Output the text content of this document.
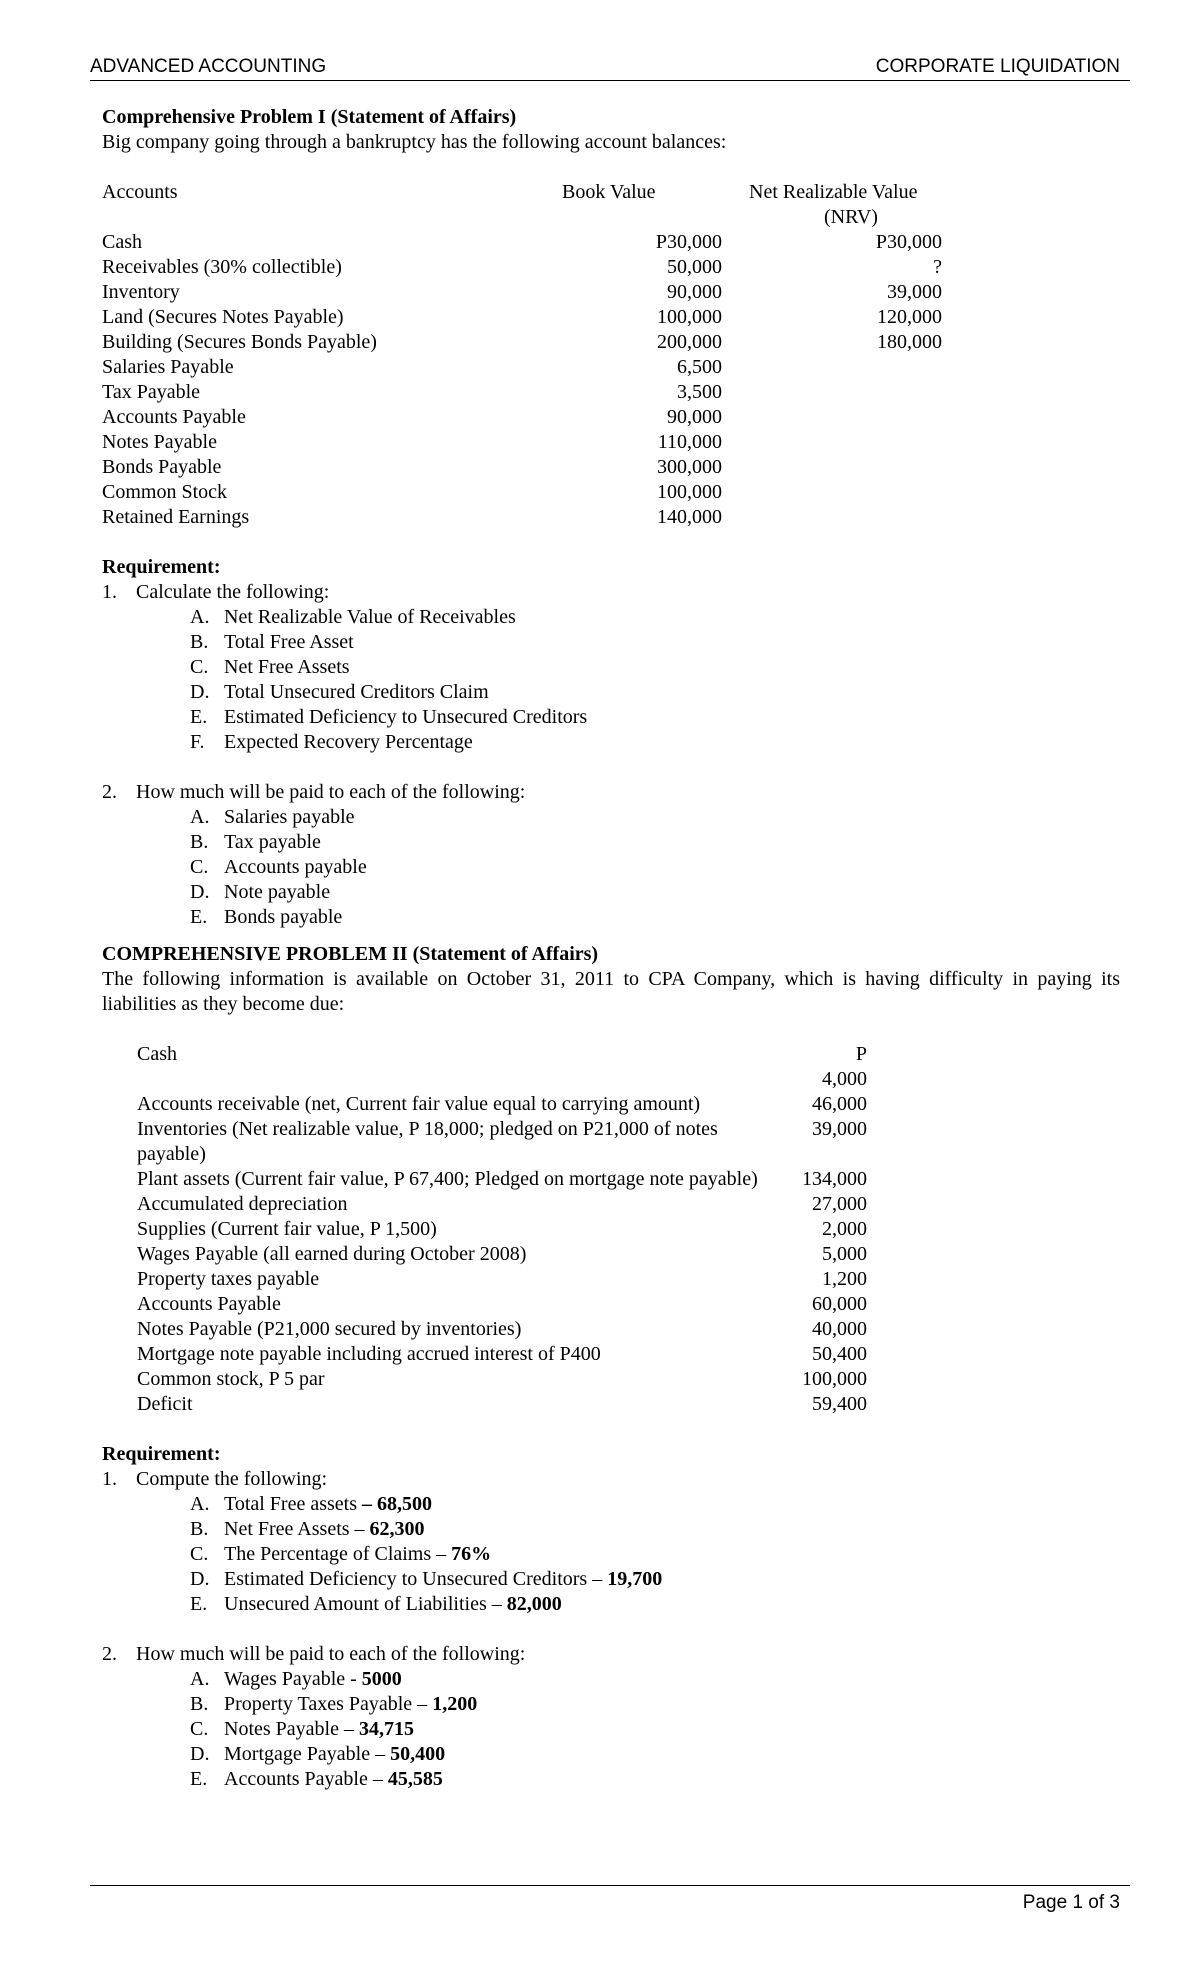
ADVANCED ACCOUNTING	CORPORATE LIQUIDATION
Comprehensive Problem I (Statement of Affairs)
Big company going through a bankruptcy has the following account balances:
Accounts	Book Value	Net Realizable Value
(NRV)
Cash	P30,000	P30,000
Receivables (30% collectible)	50,000	?
Inventory	90,000	39,000
Land (Secures Notes Payable)	100,000	120,000
Building (Secures Bonds Payable)	200,000	180,000
Salaries Payable	6,500
Tax Payable	3,500
Accounts Payable	90,000
Notes Payable	110,000
Bonds Payable	300,000
Common Stock	100,000
Retained Earnings	140,000
Requirement:
1. Calculate the following:
A. Net Realizable Value of Receivables
B. Total Free Asset
C. Net Free Assets
D. Total Unsecured Creditors Claim
E. Estimated Deficiency to Unsecured Creditors
F. Expected Recovery Percentage
2. How much will be paid to each of the following:
A. Salaries payable
B. Tax payable
C. Accounts payable
D. Note payable
E. Bonds payable
COMPREHENSIVE PROBLEM II (Statement of Affairs)
The following information is available on October 31, 2011 to CPA Company, which is having difficulty in paying its liabilities as they become due:
Cash	P
	4,000
Accounts receivable (net, Current fair value equal to carrying amount)	46,000
Inventories (Net realizable value, P 18,000; pledged on P21,000 of notes payable)	39,000
Plant assets (Current fair value, P 67,400; Pledged on mortgage note payable)	134,000
Accumulated depreciation	27,000
Supplies (Current fair value, P 1,500)	2,000
Wages Payable (all earned during October 2008)	5,000
Property taxes payable	1,200
Accounts Payable	60,000
Notes Payable (P21,000 secured by inventories)	40,000
Mortgage note payable including accrued interest of P400	50,400
Common stock, P 5 par	100,000
Deficit	59,400
Requirement:
1. Compute the following:
A. Total Free assets – 68,500
B. Net Free Assets – 62,300
C. The Percentage of Claims – 76%
D. Estimated Deficiency to Unsecured Creditors – 19,700
E. Unsecured Amount of Liabilities – 82,000
2. How much will be paid to each of the following:
A. Wages Payable - 5000
B. Property Taxes Payable – 1,200
C. Notes Payable – 34,715
D. Mortgage Payable – 50,400
E. Accounts Payable – 45,585
Page 1 of 3
